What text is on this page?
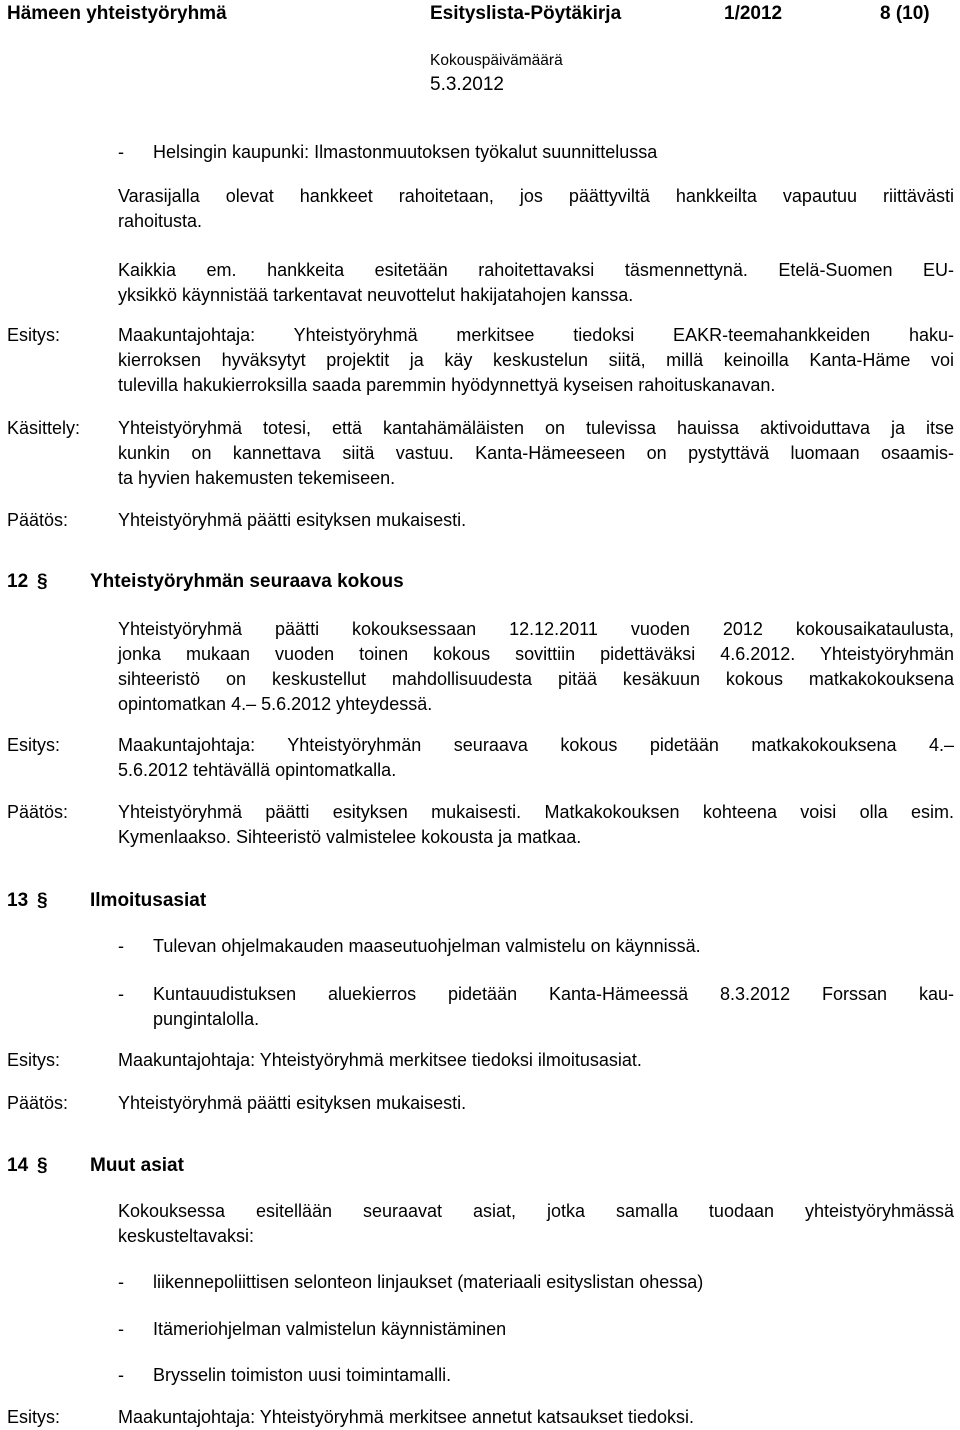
Hämeen yhteistyöryhmä	Esityslista-Pöytäkirja	1/2012	8 (10)
Kokouspäivämäärä
5.3.2012
- Helsingin kaupunki: Ilmastonmuutoksen työkalut suunnittelussa
Varasijalla olevat hankkeet rahoitetaan, jos päättyviltä hankkeilta vapautuu riittävästi
rahoitusta.
Kaikkia em. hankkeita esitetään rahoitettavaksi täsmennettynä. Etelä-Suomen EU-
yksikkö käynnistää tarkentavat neuvottelut hakijatahojen kanssa.
Esitys:	Maakuntajohtaja: Yhteistyöryhmä merkitsee tiedoksi EAKR-teemahankkeiden haku-
kierroksen hyväksytyt projektit ja käy keskustelun siitä, millä keinoilla Kanta-Häme voi
tulevilla hakukierroksilla saada paremmin hyödynnettyä kyseisen rahoituskanavan.
Käsittely: Yhteistyöryhmä totesi, että kantahämäläisten on tulevissa hauissa aktivoiduttava ja itse
kunkin on kannettava siitä vastuu. Kanta-Hämeeseen on pystyttävä luomaan osaamis-
ta hyvien hakemusten tekemiseen.
Päätös:	Yhteistyöryhmä päätti esityksen mukaisesti.
12 § Yhteistyöryhmän seuraava kokous
Yhteistyöryhmä päätti kokouksessaan 12.12.2011 vuoden 2012 kokousaikataulusta,
jonka mukaan vuoden toinen kokous sovittiin pidettäväksi 4.6.2012. Yhteistyöryhmän
sihteeristö on keskustellut mahdollisuudesta pitää kesäkuun kokous matkakokouksena
opintomatkan 4.– 5.6.2012 yhteydessä.
Esitys:	Maakuntajohtaja: Yhteistyöryhmän seuraava kokous pidetään matkakokouksena 4.–
5.6.2012 tehtävällä opintomatkalla.
Päätös:	Yhteistyöryhmä päätti esityksen mukaisesti. Matkakokouksen kohteena voisi olla esim.
Kymenlaakso. Sihteeristö valmistelee kokousta ja matkaa.
13 § Ilmoitusasiat
- Tulevan ohjelmakauden maaseutuohjelman valmistelu on käynnissä.
- Kuntauudistuksen aluekierros pidetään Kanta-Hämeessä 8.3.2012 Forssan kau-
pungintalolla.
Esitys:	Maakuntajohtaja: Yhteistyöryhmä merkitsee tiedoksi ilmoitusasiat.
Päätös:	Yhteistyöryhmä päätti esityksen mukaisesti.
14 § Muut asiat
Kokouksessa esitellään seuraavat asiat, jotka samalla tuodaan yhteistyöryhmässä
keskusteltavaksi:
- liikennepoliittisen selonteon linjaukset (materiaali esityslistan ohessa)
- Itämeriohjelman valmistelun käynnistäminen
- Brysselin toimiston uusi toimintamalli.
Esitys:	Maakuntajohtaja: Yhteistyöryhmä merkitsee annetut katsaukset tiedoksi.
